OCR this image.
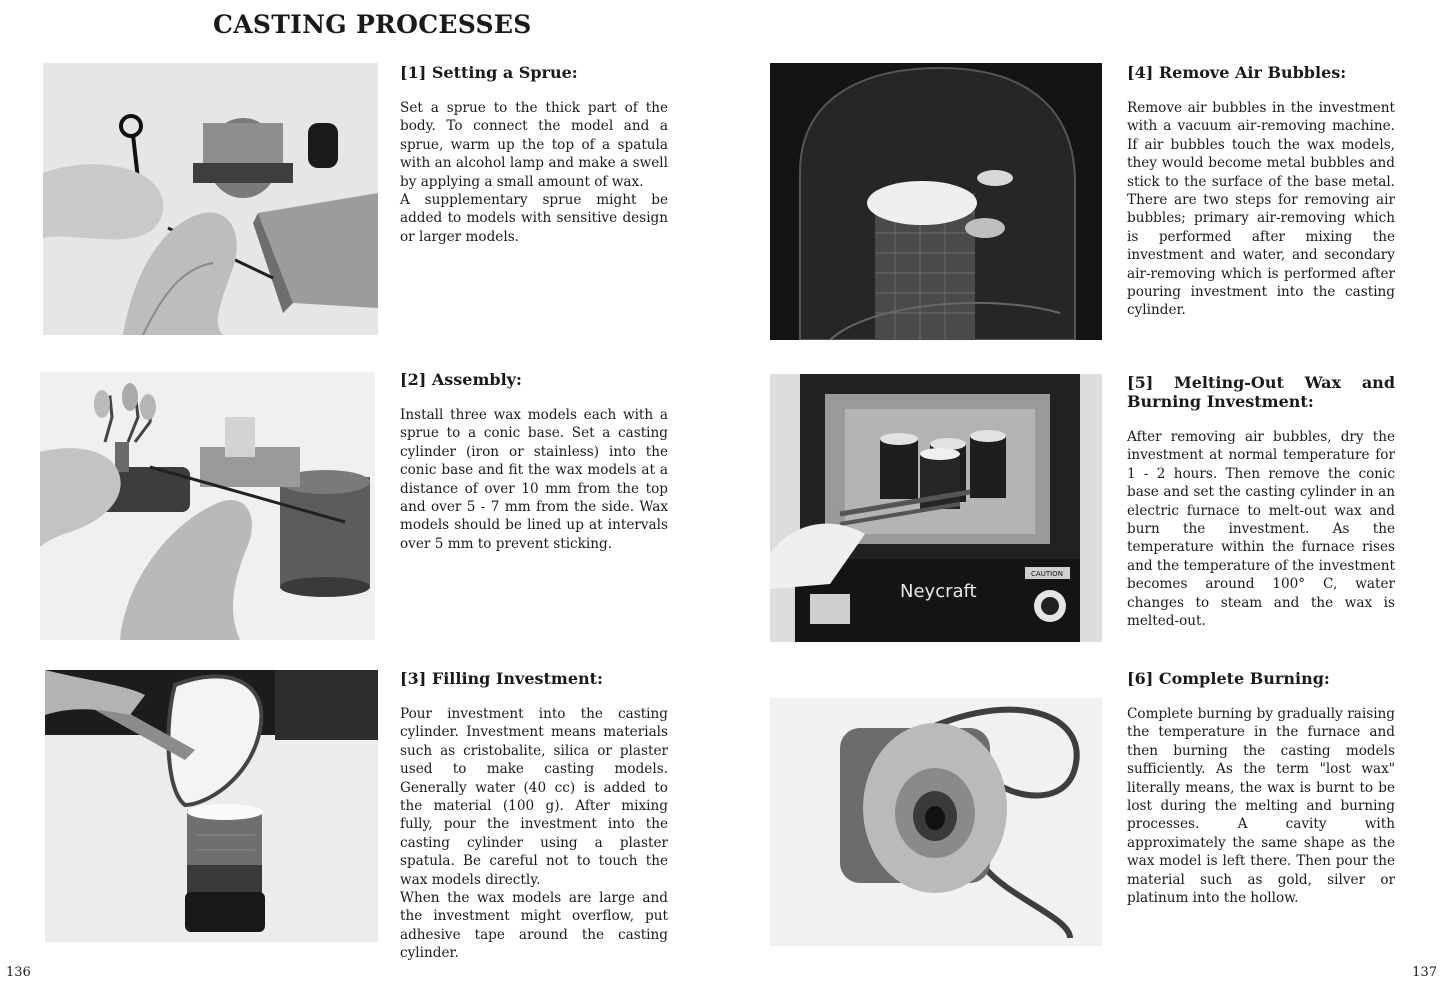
CASTING PROCESSES
CAUTION
Neycraft
[1] Setting a Sprue:

Set a sprue to the thick part of the body. To connect the model and a sprue, warm up the top of a spatula with an alcohol lamp and make a swell by applying a small amount of wax.

A supplementary sprue might be added to models with sensitive design or larger models.

[2] Assembly:

Install three wax models each with a sprue to a conic base. Set a casting cylinder (iron or stainless) into the conic base and fit the wax models at a distance of over 10 mm from the top and over 5 - 7 mm from the side. Wax models should be lined up at intervals over 5 mm to prevent sticking.

[3] Filling Investment:

Pour investment into the casting cylinder. Investment means materials such as cristobalite, silica or plaster used to make casting models. Generally water (40 cc) is added to the material (100 g). After mixing fully, pour the investment into the casting cylinder using a plaster spatula. Be careful not to touch the wax models directly.

When the wax models are large and the investment might overflow, put adhesive tape around the casting cylinder.

[4] Remove Air Bubbles:

Remove air bubbles in the investment with a vacuum air-removing machine. If air bubbles touch the wax models, they would become metal bubbles and stick to the surface of the base metal. There are two steps for removing air bubbles; primary air-removing which is performed after mixing the investment and water, and secondary air-removing which is performed after pouring investment into the casting cylinder.

[5] Melting-Out Wax and Burning Investment:

After removing air bubbles, dry the investment at normal temperature for 1 - 2 hours. Then remove the conic base and set the casting cylinder in an electric furnace to melt-out wax and burn the investment. As the temperature within the furnace rises and the temperature of the investment becomes around 100° C, water changes to steam and the wax is melted-out.

[6] Complete Burning:

Complete burning by gradually raising the temperature in the furnace and then burning the casting models sufficiently. As the term "lost wax" literally means, the wax is burnt to be lost during the melting and burning processes. A cavity with approximately the same shape as the wax model is left there. Then pour the material such as gold, silver or platinum into the hollow.

136	137
